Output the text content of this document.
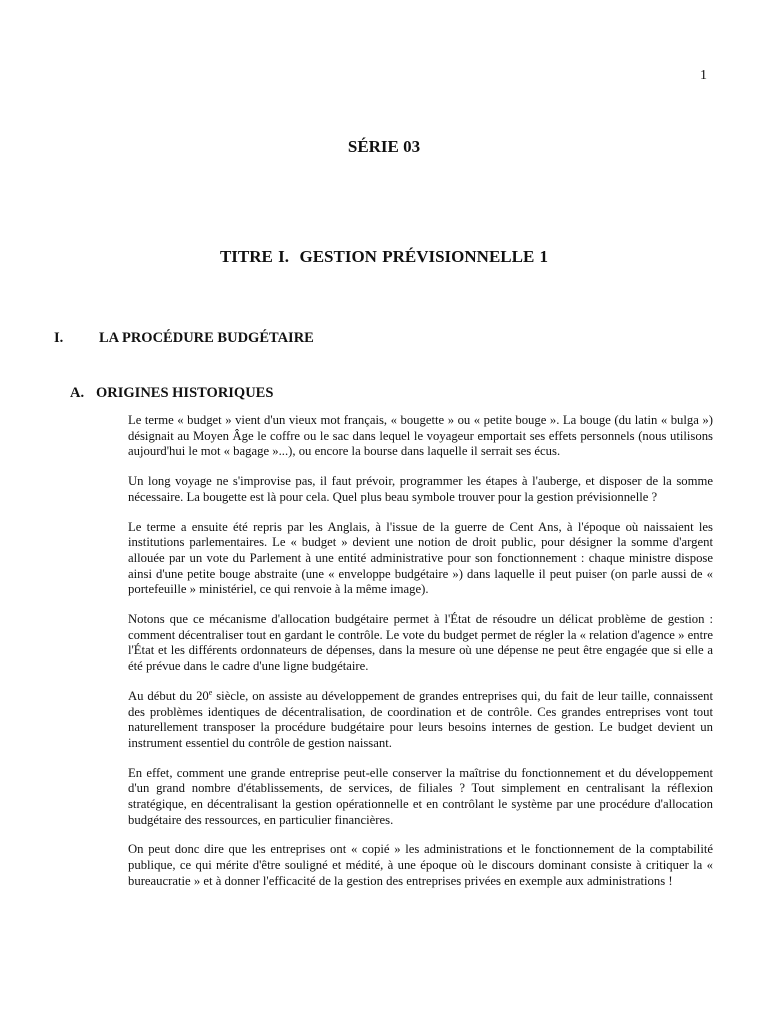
1
SÉRIE 03
TITRE I.  GESTION PRÉVISIONNELLE 1
I. LA PROCÉDURE BUDGÉTAIRE
A. ORIGINES HISTORIQUES

Le terme « budget » vient d'un vieux mot français, « bougette » ou « petite bouge ». La bouge (du latin « bulga ») désignait au Moyen Âge le coffre ou le sac dans lequel le voyageur emportait ses effets personnels (nous utilisons aujourd'hui le mot « bagage »...), ou encore la bourse dans laquelle il serrait ses écus.

Un long voyage ne s'improvise pas, il faut prévoir, programmer les étapes à l'auberge, et disposer de la somme nécessaire. La bougette est là pour cela. Quel plus beau symbole trouver pour la gestion prévisionnelle ?

Le terme a ensuite été repris par les Anglais, à l'issue de la guerre de Cent Ans, à l'époque où naissaient les institutions parlementaires. Le « budget » devient une notion de droit public, pour désigner la somme d'argent allouée par un vote du Parlement à une entité administrative pour son fonctionnement : chaque ministre dispose ainsi d'une petite bouge abstraite (une « enveloppe budgétaire ») dans laquelle il peut puiser (on parle aussi de « portefeuille » ministériel, ce qui renvoie à la même image).

Notons que ce mécanisme d'allocation budgétaire permet à l'État de résoudre un délicat problème de gestion : comment décentraliser tout en gardant le contrôle. Le vote du budget permet de régler la « relation d'agence » entre l'État et les différents ordonnateurs de dépenses, dans la mesure où une dépense ne peut être engagée que si elle a été prévue dans le cadre d'une ligne budgétaire.

Au début du 20e siècle, on assiste au développement de grandes entreprises qui, du fait de leur taille, connaissent des problèmes identiques de décentralisation, de coordination et de contrôle. Ces grandes entreprises vont tout naturellement transposer la procédure budgétaire pour leurs besoins internes de gestion. Le budget devient un instrument essentiel du contrôle de gestion naissant.

En effet, comment une grande entreprise peut-elle conserver la maîtrise du fonctionnement et du développement d'un grand nombre d'établissements, de services, de filiales ? Tout simplement en centralisant la réflexion stratégique, en décentralisant la gestion opérationnelle et en contrôlant le système par une procédure d'allocation budgétaire des ressources, en particulier financières.

On peut donc dire que les entreprises ont « copié » les administrations et le fonctionnement de la comptabilité publique, ce qui mérite d'être souligné et médité, à une époque où le discours dominant consiste à critiquer la « bureaucratie » et à donner l'efficacité de la gestion des entreprises privées en exemple aux administrations !
